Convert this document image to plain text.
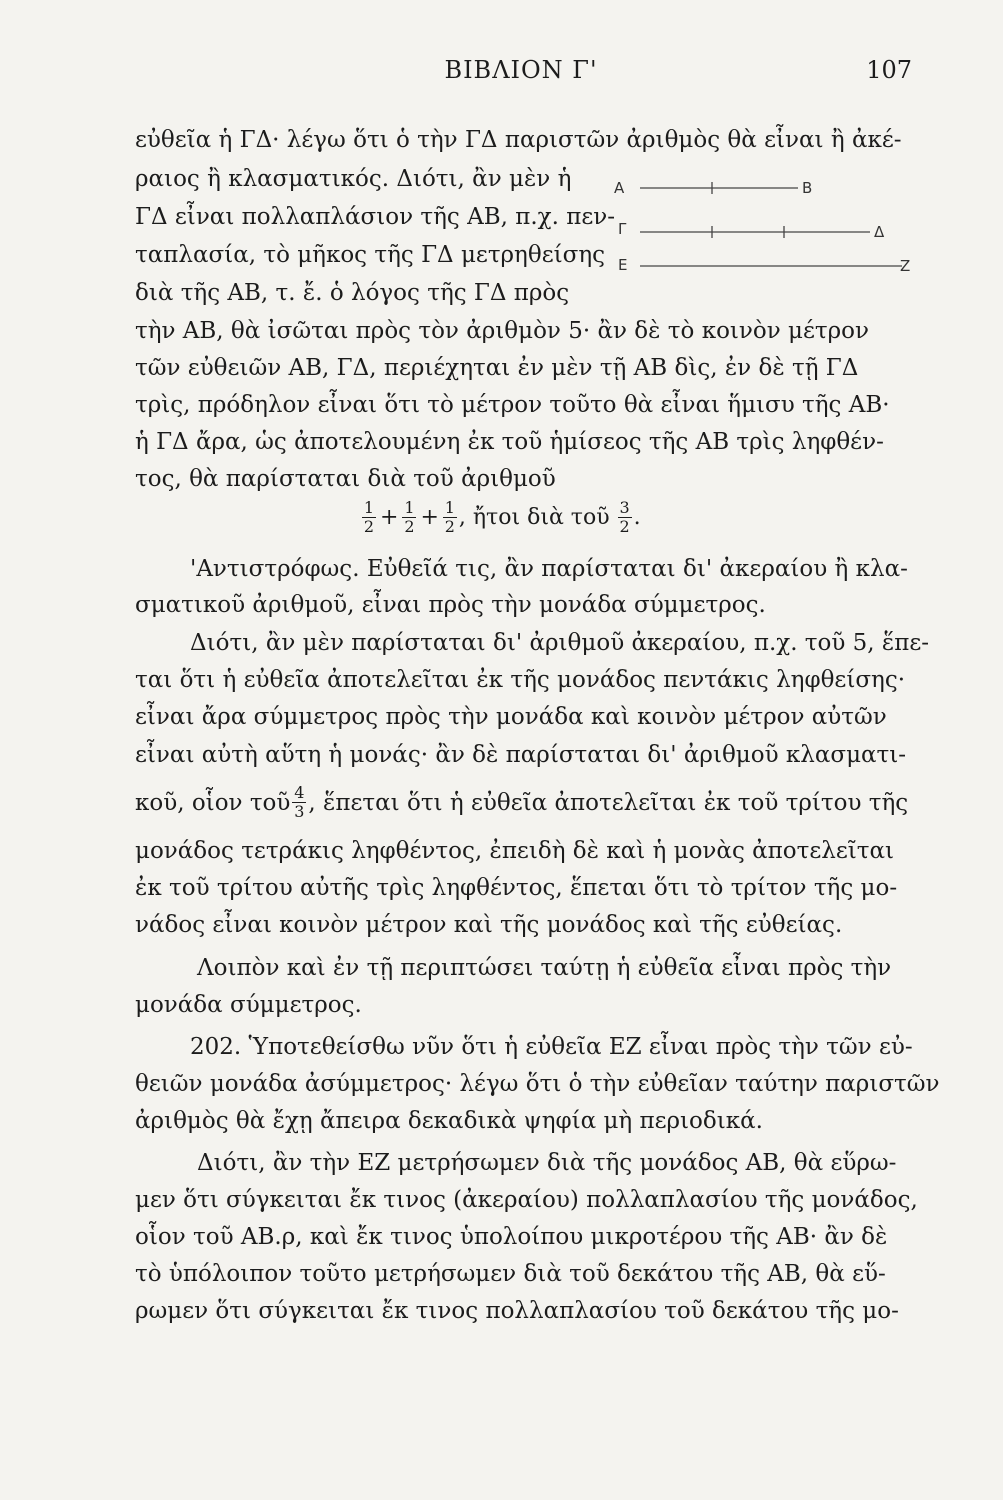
ΒΙΒΛΙΟΝ Γ'	107
A	B
Γ	Δ
E	Z
εὐθεῖα ἡ ΓΔ· λέγω ὅτι ὁ τὴν ΓΔ παριστῶν ἀριθμὸς θὰ εἶναι ἢ ἀκέ-
ραιος ἢ κλασματικός. Διότι, ἂν μὲν ἡ
ΓΔ εἶναι πολλαπλάσιον τῆς AB, π.χ. πεν-
ταπλασία, τὸ μῆκος τῆς ΓΔ μετρηθείσης
διὰ τῆς AB, τ. ἔ. ὁ λόγος τῆς ΓΔ πρὸς
τὴν AB, θὰ ἰσῶται πρὸς τὸν ἀριθμὸν 5· ἂν δὲ τὸ κοινὸν μέτρον
τῶν εὐθειῶν AB, ΓΔ, περιέχηται ἐν μὲν τῇ AB δὶς, ἐν δὲ τῇ ΓΔ
τρὶς, πρόδηλον εἶναι ὅτι τὸ μέτρον τοῦτο θὰ εἶναι ἥμισυ τῆς AB·
ἡ ΓΔ ἄρα, ὡς ἀποτελουμένη ἐκ τοῦ ἡμίσεος τῆς AB τρὶς ληφθέν-
τος, θὰ παρίσταται διὰ τοῦ ἀριθμοῦ
$\frac{1}{2} + \frac{1}{2} + \frac{1}{2}$ , ἤτοι διὰ τοῦ $\frac{3}{2}$ .
'Αντιστρόφως. Εὐθεῖά τις, ἂν παρίσταται δι' ἀκεραίου ἢ κλα-
σματικοῦ ἀριθμοῦ, εἶναι πρὸς τὴν μονάδα σύμμετρος.
Διότι, ἂν μὲν παρίσταται δι' ἀριθμοῦ ἀκεραίου, π.χ. τοῦ 5, ἕπε-
ται ὅτι ἡ εὐθεῖα ἀποτελεῖται ἐκ τῆς μονάδος πεντάκις ληφθείσης·
εἶναι ἄρα σύμμετρος πρὸς τὴν μονάδα καὶ κοινὸν μέτρον αὐτῶν
εἶναι αὐτὴ αὕτη ἡ μονάς· ἂν δὲ παρίσταται δι' ἀριθμοῦ κλασματι-
κοῦ, οἷον τοῦ $\frac{4}{3}$ , ἕπεται ὅτι ἡ εὐθεῖα ἀποτελεῖται ἐκ τοῦ τρίτου τῆς
μονάδος τετράκις ληφθέντος, ἐπειδὴ δὲ καὶ ἡ μονὰς ἀποτελεῖται
ἐκ τοῦ τρίτου αὐτῆς τρὶς ληφθέντος, ἕπεται ὅτι τὸ τρίτον τῆς μο-
νάδος εἶναι κοινὸν μέτρον καὶ τῆς μονάδος καὶ τῆς εὐθείας.
Λοιπὸν καὶ ἐν τῇ περιπτώσει ταύτῃ ἡ εὐθεῖα εἶναι πρὸς τὴν
μονάδα σύμμετρος.
202. Ὑποτεθείσθω νῦν ὅτι ἡ εὐθεῖα EZ εἶναι πρὸς τὴν τῶν εὐ-
θειῶν μονάδα ἀσύμμετρος· λέγω ὅτι ὁ τὴν εὐθεῖαν ταύτην παριστῶν
ἀριθμὸς θὰ ἔχῃ ἄπειρα δεκαδικὰ ψηφία μὴ περιοδικά.
Διότι, ἂν τὴν EZ μετρήσωμεν διὰ τῆς μονάδος AB, θὰ εὕρω-
μεν ὅτι σύγκειται ἔκ τινος (ἀκεραίου) πολλαπλασίου τῆς μονάδος,
οἷον τοῦ AB.ρ, καὶ ἔκ τινος ὑπολοίπου μικροτέρου τῆς AB· ἂν δὲ
τὸ ὑπόλοιπον τοῦτο μετρήσωμεν διὰ τοῦ δεκάτου τῆς AB, θὰ εὕ-
ρωμεν ὅτι σύγκειται ἔκ τινος πολλαπλασίου τοῦ δεκάτου τῆς μο-
